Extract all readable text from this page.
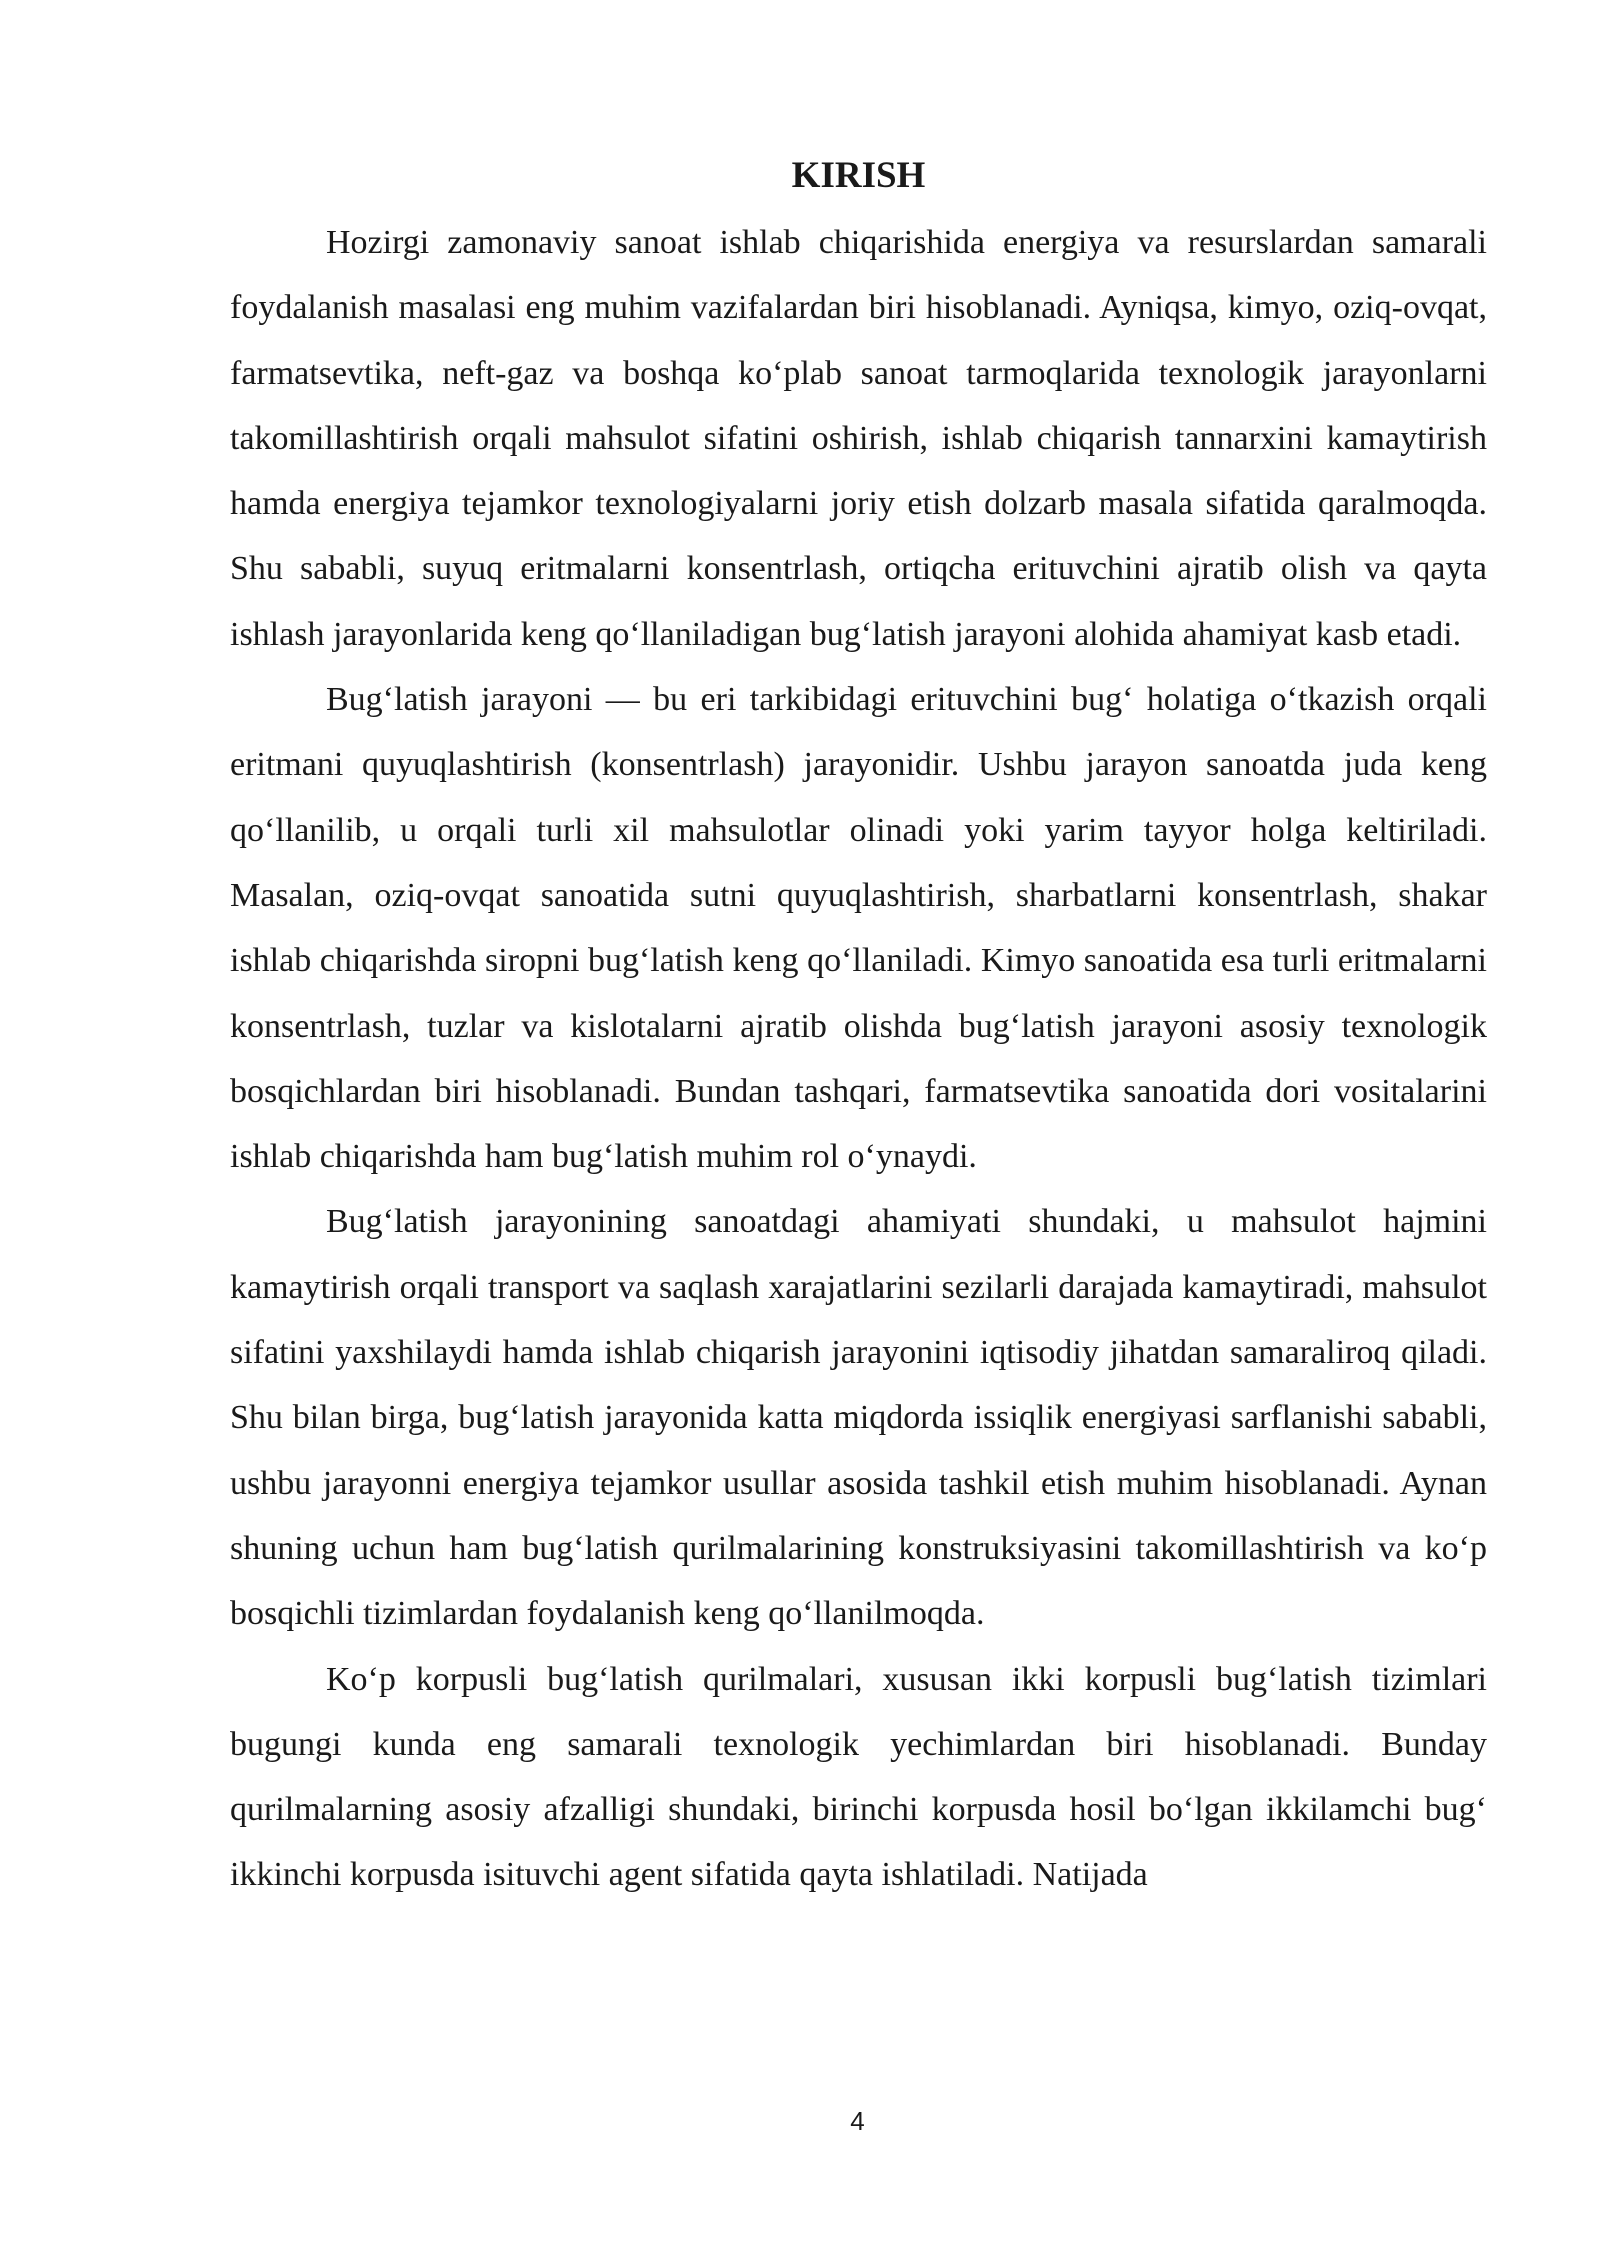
KIRISH

Hozirgi zamonaviy sanoat ishlab chiqarishida energiya va resurslardan samarali foydalanish masalasi eng muhim vazifalardan biri hisoblanadi. Ayniqsa, kimyo, oziq-ovqat, farmatsevtika, neft-gaz va boshqa ko‘plab sanoat tarmoqlarida texnologik jarayonlarni takomillashtirish orqali mahsulot sifatini oshirish, ishlab chiqarish tannarxini kamaytirish hamda energiya tejamkor texnologiyalarni joriy etish dolzarb masala sifatida qaralmoqda. Shu sababli, suyuq eritmalarni konsentrlash, ortiqcha erituvchini ajratib olish va qayta ishlash jarayonlarida keng qo‘llaniladigan bug‘latish jarayoni alohida ahamiyat kasb etadi.

Bug‘latish jarayoni — bu eri tarkibidagi erituvchini bug‘ holatiga o‘tkazish orqali eritmani quyuqlashtirish (konsentrlash) jarayonidir. Ushbu jarayon sanoatda juda keng qo‘llanilib, u orqali turli xil mahsulotlar olinadi yoki yarim tayyor holga keltiriladi. Masalan, oziq-ovqat sanoatida sutni quyuqlashtirish, sharbatlarni konsentrlash, shakar ishlab chiqarishda siropni bug‘latish keng qo‘llaniladi. Kimyo sanoatida esa turli eritmalarni konsentrlash, tuzlar va kislotalarni ajratib olishda bug‘latish jarayoni asosiy texnologik bosqichlardan biri hisoblanadi. Bundan tashqari, farmatsevtika sanoatida dori vositalarini ishlab chiqarishda ham bug‘latish muhim rol o‘ynaydi.

Bug‘latish jarayonining sanoatdagi ahamiyati shundaki, u mahsulot hajmini kamaytirish orqali transport va saqlash xarajatlarini sezilarli darajada kamaytiradi, mahsulot sifatini yaxshilaydi hamda ishlab chiqarish jarayonini iqtisodiy jihatdan samaraliroq qiladi. Shu bilan birga, bug‘latish jarayonida katta miqdorda issiqlik energiyasi sarflanishi sababli, ushbu jarayonni energiya tejamkor usullar asosida tashkil etish muhim hisoblanadi. Aynan shuning uchun ham bug‘latish qurilmalarining konstruksiyasini takomillashtirish va ko‘p bosqichli tizimlardan foydalanish keng qo‘llanilmoqda.

Ko‘p korpusli bug‘latish qurilmalari, xususan ikki korpusli bug‘latish tizimlari bugungi kunda eng samarali texnologik yechimlardan biri hisoblanadi. Bunday qurilmalarning asosiy afzalligi shundaki, birinchi korpusda hosil bo‘lgan ikkilamchi bug‘ ikkinchi korpusda isituvchi agent sifatida qayta ishlatiladi. Natijada

4
